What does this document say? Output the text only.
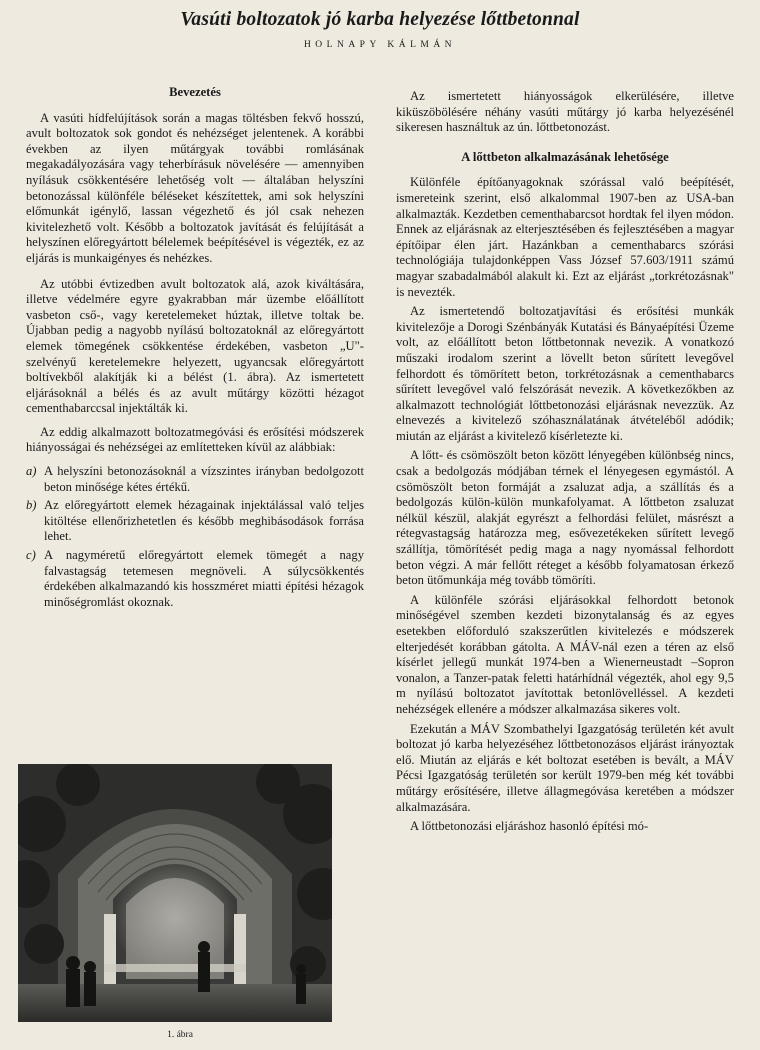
Vasúti boltozatok jó karba helyezése lőttbetonnal
HOLNAPY KÁLMÁN
Bevezetés

A vasúti hídfelújítások során a magas töltésben fekvő hosszú, avult boltozatok sok gondot és nehézséget jelentenek. A korábbi években az ilyen műtárgyak további romlásának megakadályozására vagy teherbírásuk növelésére — amennyiben nyílásuk csökkentésére lehetőség volt — általában helyszíni betonozással különféle béléseket készítettek, ami sok helyszíni előmunkát igénylő, lassan végezhető és jól csak nehezen kivitelezhető volt. Később a boltozatok javítását és felújítását a helyszínen előregyártott bélelemek beépítésével is végezték, ez az eljárás is munkaigényes és nehézkes.

Az utóbbi évtizedben avult boltozatok alá, azok kiváltására, illetve védelmére egyre gyakrabban már üzembe előállított vasbeton cső-, vagy keretelemeket húztak, illetve toltak be. Újabban pedig a nagyobb nyílású boltozatoknál az előregyártott elemek tömegének csökkentése érdekében, vasbeton „U"-szelvényű keretelemekre helyezett, ugyancsak előregyártott boltívekből alakítják ki a bélést (1. ábra). Az ismertetett eljárásoknál a bélés és az avult műtárgy közötti hézagot cementhabarccsal injektálták ki.

Az eddig alkalmazott boltozatmegóvási és erősítési módszerek hiányosságai és nehézségei az említetteken kívül az alábbiak:

a) A helyszíni betonozásoknál a vízszintes irányban bedolgozott beton minősége kétes értékű.
b) Az előregyártott elemek hézagainak injektálással való teljes kitöltése ellenőrizhetetlen és később meghibásodások forrása lehet.
c) A nagyméretű előregyártott elemek tömegét a nagy falvastagság tetemesen megnöveli. A súlycsökkentés érdekében alkalmazandó kis hosszméret miatti építési hézagok minőségromlást okoznak.
1. ábra

Az ismertetett hiányosságok elkerülésére, illetve kiküszöbölésére néhány vasúti műtárgy jó karba helyezésénél sikeresen használtuk az ún. lőttbetonozást.

A lőttbeton alkalmazásának lehetősége

Különféle építőanyagoknak szórással való beépítését, ismereteink szerint, első alkalommal 1907-ben az USA-ban alkalmazták. Kezdetben cementhabarcsot hordtak fel ilyen módon. Ennek az eljárásnak az elterjesztésében és fejlesztésében a magyar építőipar élen járt. Hazánkban a cementhabarcs szórási technológiája tulajdonképpen Vass József 57.603/1911 számú magyar szabadalmából alakult ki. Ezt az eljárást „torkrétozásnak" is nevezték.

Az ismertetendő boltozatjavítási és erősítési munkák kivitelezője a Dorogi Szénbányák Kutatási és Bányaépítési Üzeme volt, az előállított beton lőttbetonnak nevezik. A vonatkozó műszaki irodalom szerint a lövellt beton sűrített levegővel felhordott és tömörített beton, torkrétozásnak a cementhabarcs sűrített levegővel való felszórását nevezik. A következőkben az alkalmazott technológiát lőttbetonozási eljárásnak nevezzük. Az elnevezés a kivitelező szóhasználatának átvételéből adódik; miután az eljárást a kivitelező kísérletezte ki.

A lőtt- és csömöszölt beton között lényegében különbség nincs, csak a bedolgozás módjában térnek el lényegesen egymástól. A csömöszölt beton formáját a zsaluzat adja, a szállítás és a bedolgozás külön-külön munkafolyamat. A lőttbeton zsaluzat nélkül készül, alakját egyrészt a felhordási felület, másrészt a rétegvastagság határozza meg, esővezetékeken sűrített levegő szállítja, tömörítését pedig maga a nagy nyomással felhordott beton végzi. A már fellőtt réteget a később folyamatosan érkező beton ütőmunkája még tovább tömöríti.

A különféle szórási eljárásokkal felhordott betonok minőségével szemben kezdeti bizonytalanság és az egyes esetekben előforduló szakszerűtlen kivitelezés e módszerek elterjedését korábban gátolta. A MÁV-nál ezen a téren az első kísérlet jellegű munkát 1974-ben a Wienerneustadt –Sopron vonalon, a Tanzer-patak feletti határhídnál végezték, ahol egy 9,5 m nyílású boltozatot javítottak betonlövelléssel. A kezdeti nehézségek ellenére a módszer alkalmazása sikeres volt.

Ezekután a MÁV Szombathelyi Igazgatóság területén két avult boltozat jó karba helyezéséhez lőttbetonozásos eljárást irányoztak elő. Miután az eljárás e két boltozat esetében is bevált, a MÁV Pécsi Igazgatóság területén sor került 1979-ben még két további műtárgy erősítésére, illetve állagmegóvása keretében a módszer alkalmazására.

A lőttbetonozási eljáráshoz hasonló építési mó-
